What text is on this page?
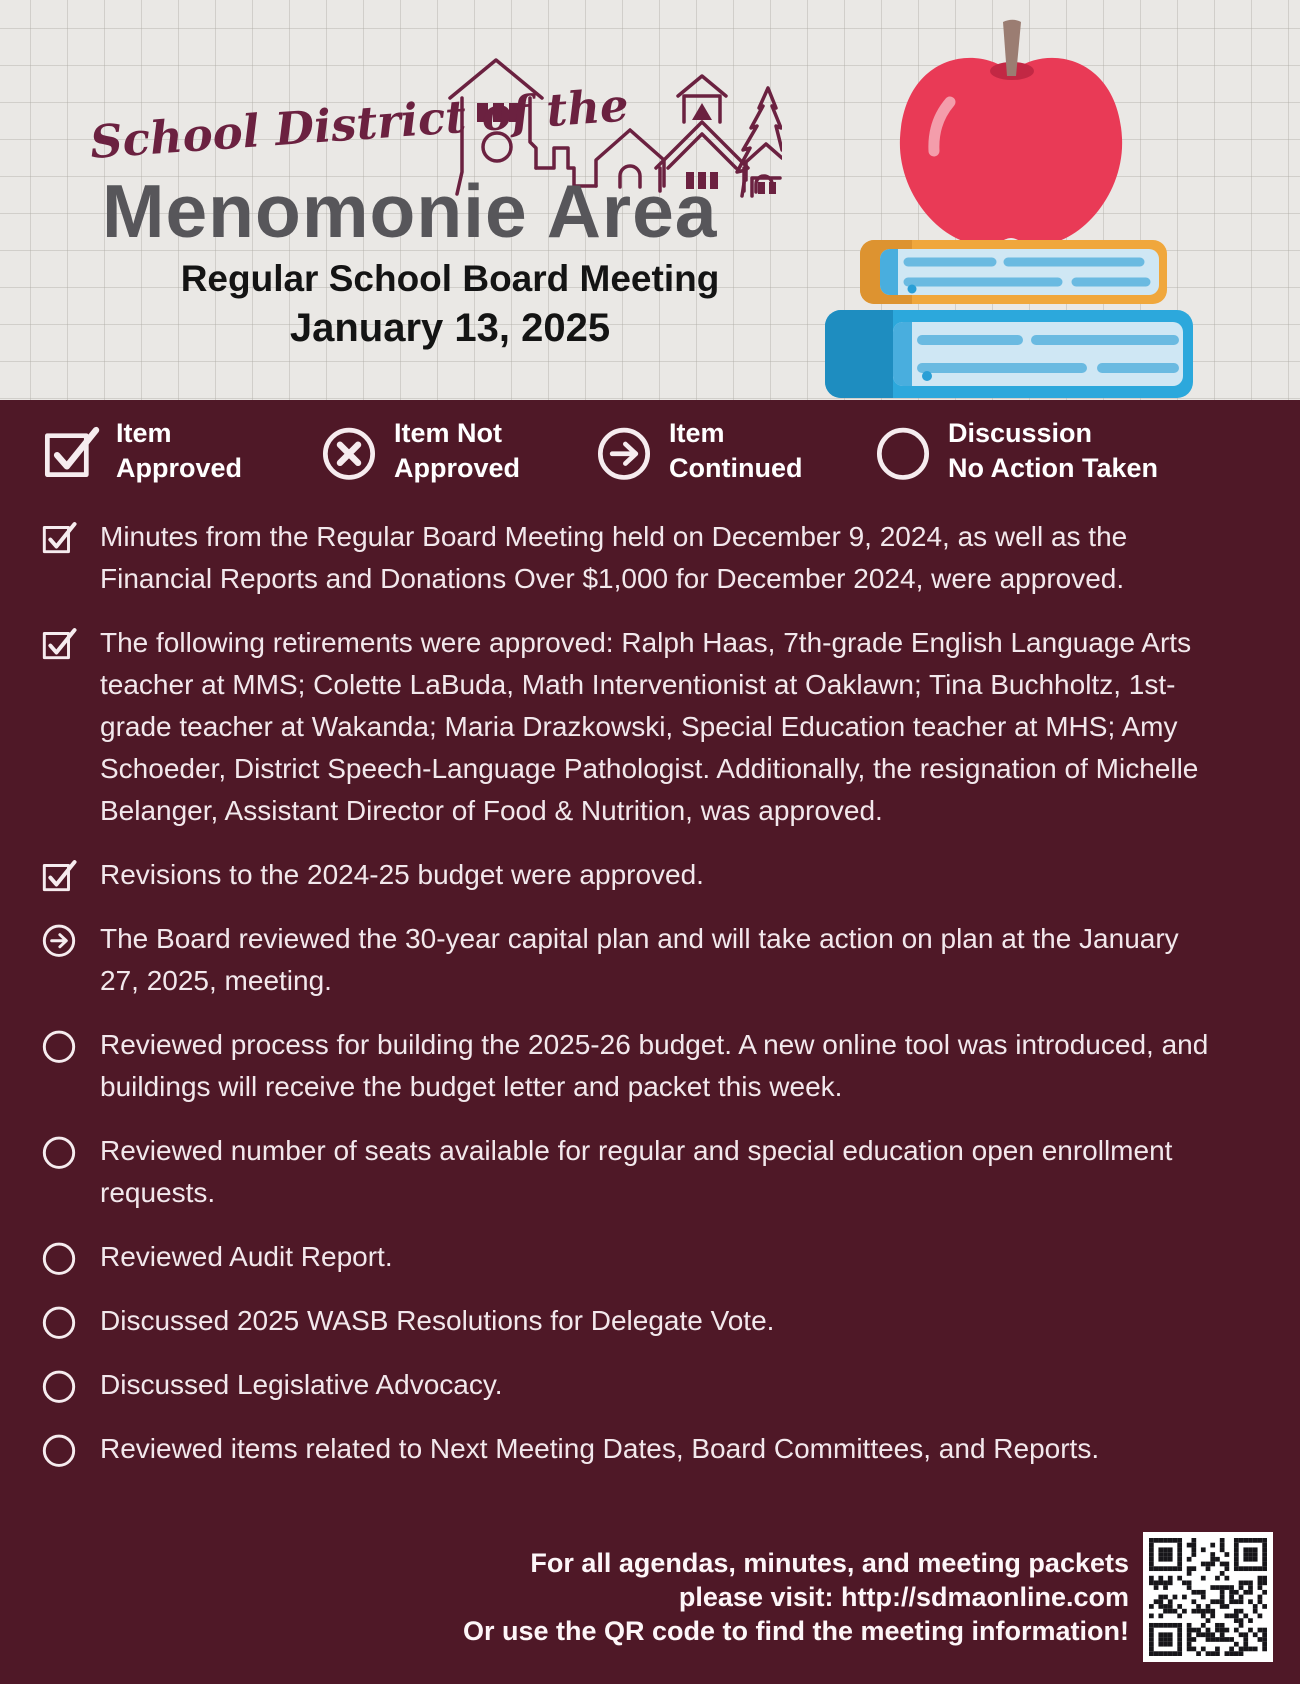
School District of the
Menomonie Area
Regular School Board Meeting
January 13, 2025
Item
Approved
Item Not
Approved
Item
Continued
Discussion
No Action Taken
Minutes from the Regular Board Meeting held on December 9, 2024, as well as the Financial Reports and Donations Over $1,000 for December 2024, were approved.
The following retirements were approved: Ralph Haas, 7th-grade English Language Arts teacher at MMS; Colette LaBuda, Math Interventionist at Oaklawn; Tina Buchholtz, 1st-grade teacher at Wakanda; Maria Drazkowski, Special Education teacher at MHS; Amy Schoeder, District Speech-Language Pathologist. Additionally, the resignation of Michelle Belanger, Assistant Director of Food & Nutrition, was approved.
Revisions to the 2024-25 budget were approved.
The Board reviewed the 30-year capital plan and will take action on plan at the January 27, 2025, meeting.
Reviewed process for building the 2025-26 budget. A new online tool was introduced, and buildings will receive the budget letter and packet this week.
Reviewed number of seats available for regular and special education open enrollment requests.
Reviewed Audit Report.
Discussed 2025 WASB Resolutions for Delegate Vote.
Discussed Legislative Advocacy.
Reviewed items related to Next Meeting Dates, Board Committees, and Reports.
For all agendas, minutes, and meeting packets
please visit: http://sdmaonline.com
Or use the QR code to find the meeting information!
